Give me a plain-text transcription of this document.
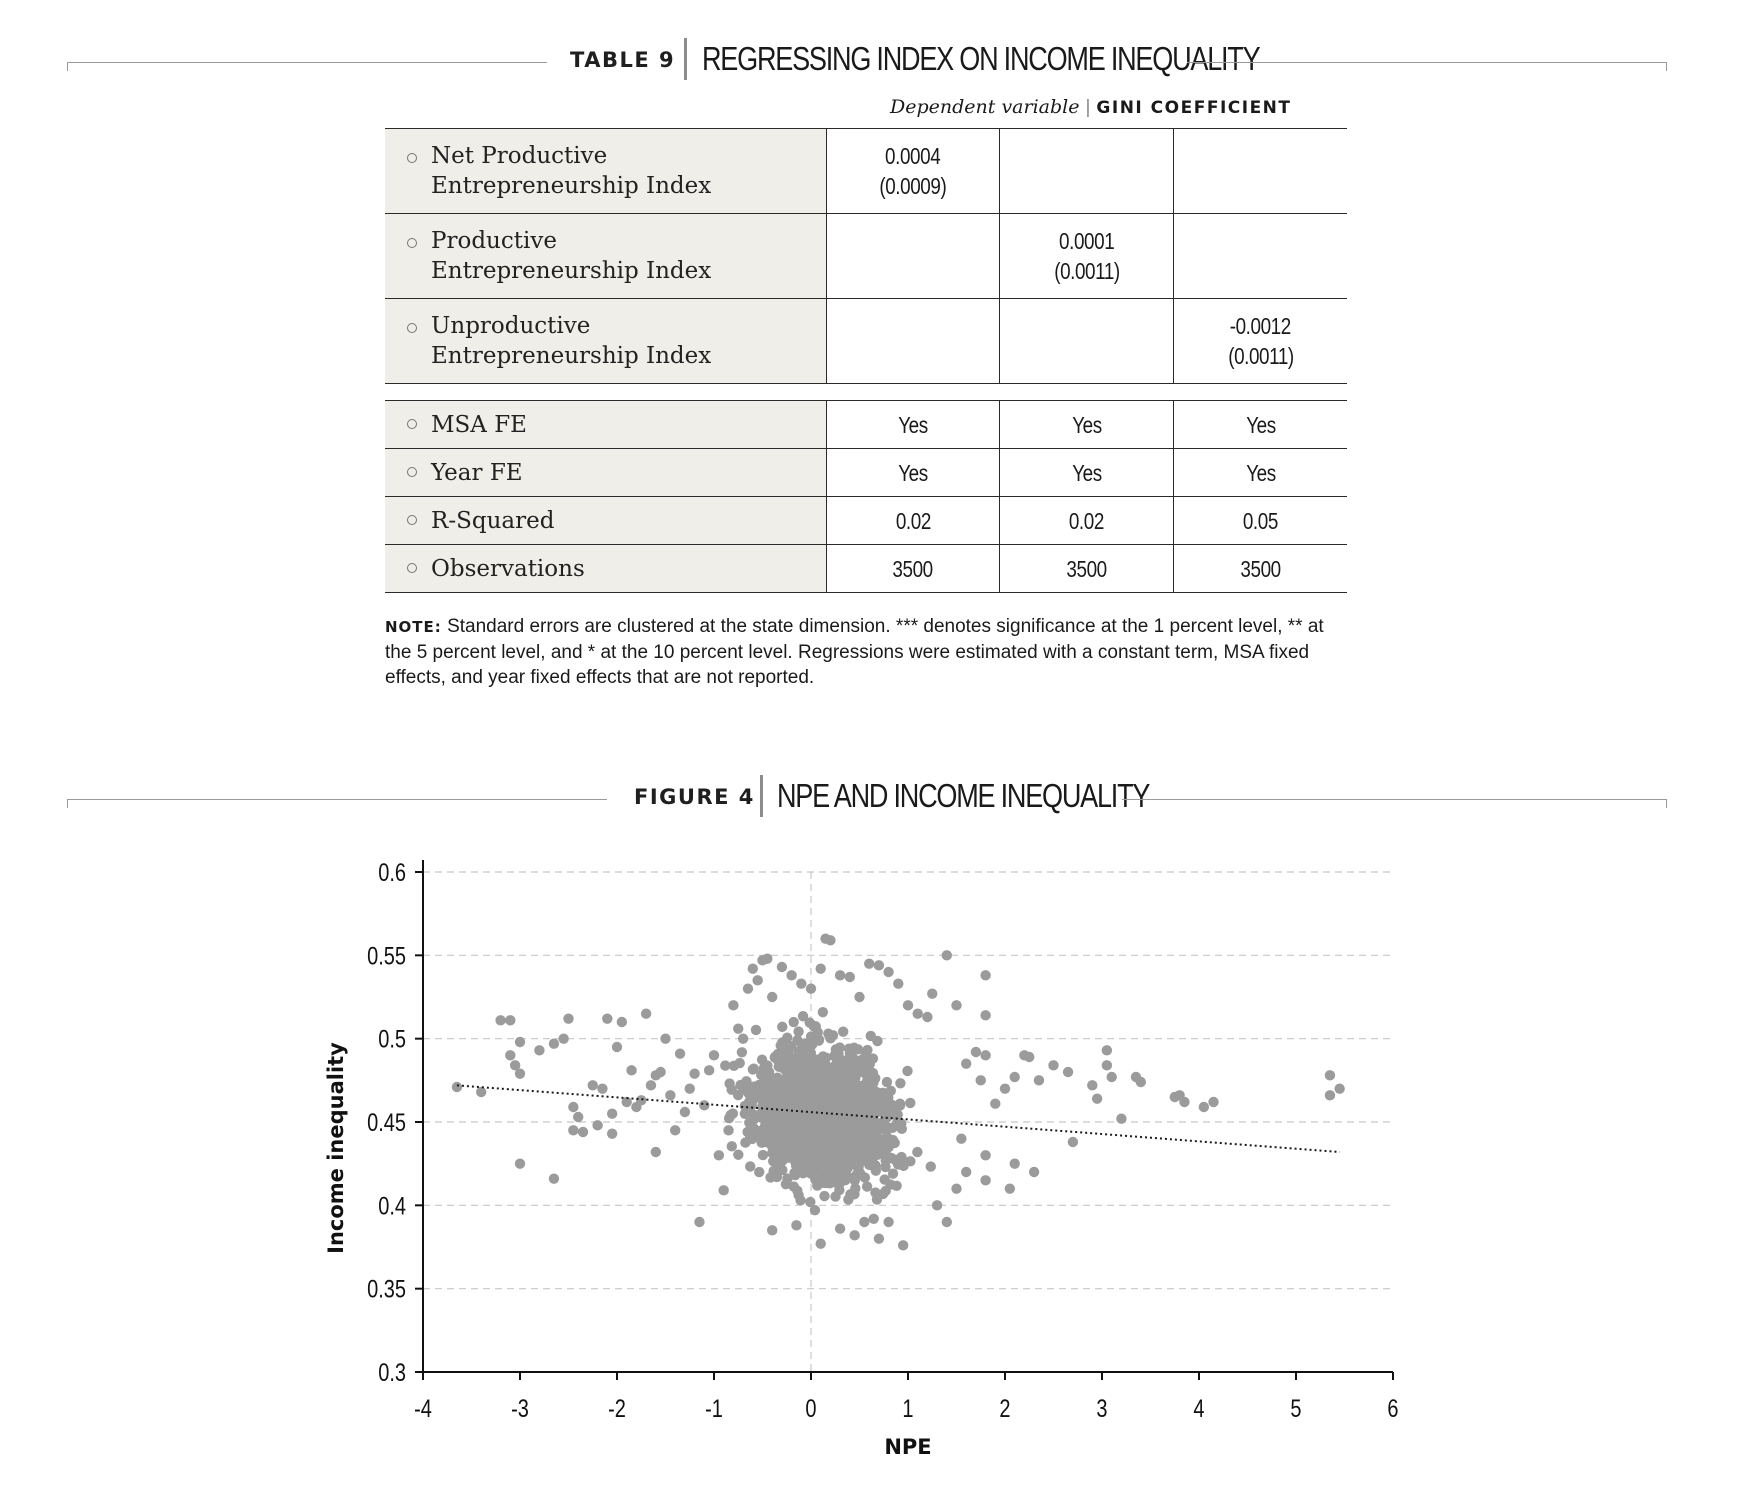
TABLE 9 REGRESSING INDEX ON INCOME INEQUALITY
Dependent variable | GINI COEFFICIENT
Net Productive
Entrepreneurship Index	0.0004
(0.0009)	

Productive
Entrepreneurship Index		0.0001
(0.0011)	

Unproductive
Entrepreneurship Index			-0.0012
(0.0011)

MSA FE	Yes	Yes	Yes

Year FE	Yes	Yes	Yes

R-Squared	0.02	0.02	0.05

Observations	3500	3500	3500
NOTE: Standard errors are clustered at the state dimension. *** denotes significance at the 1 percent level, ** at the 5 percent level, and * at the 10 percent level. Regressions were estimated with a constant term, MSA fixed effects, and year fixed effects that are not reported.
FIGURE 4 NPE AND INCOME INEQUALITY
0.6
0.55
0.5
0.45
0.4
0.35
0.3
-4	-3	-2	-1	0	1	2	3	4	5	6
NPE
Income inequality
